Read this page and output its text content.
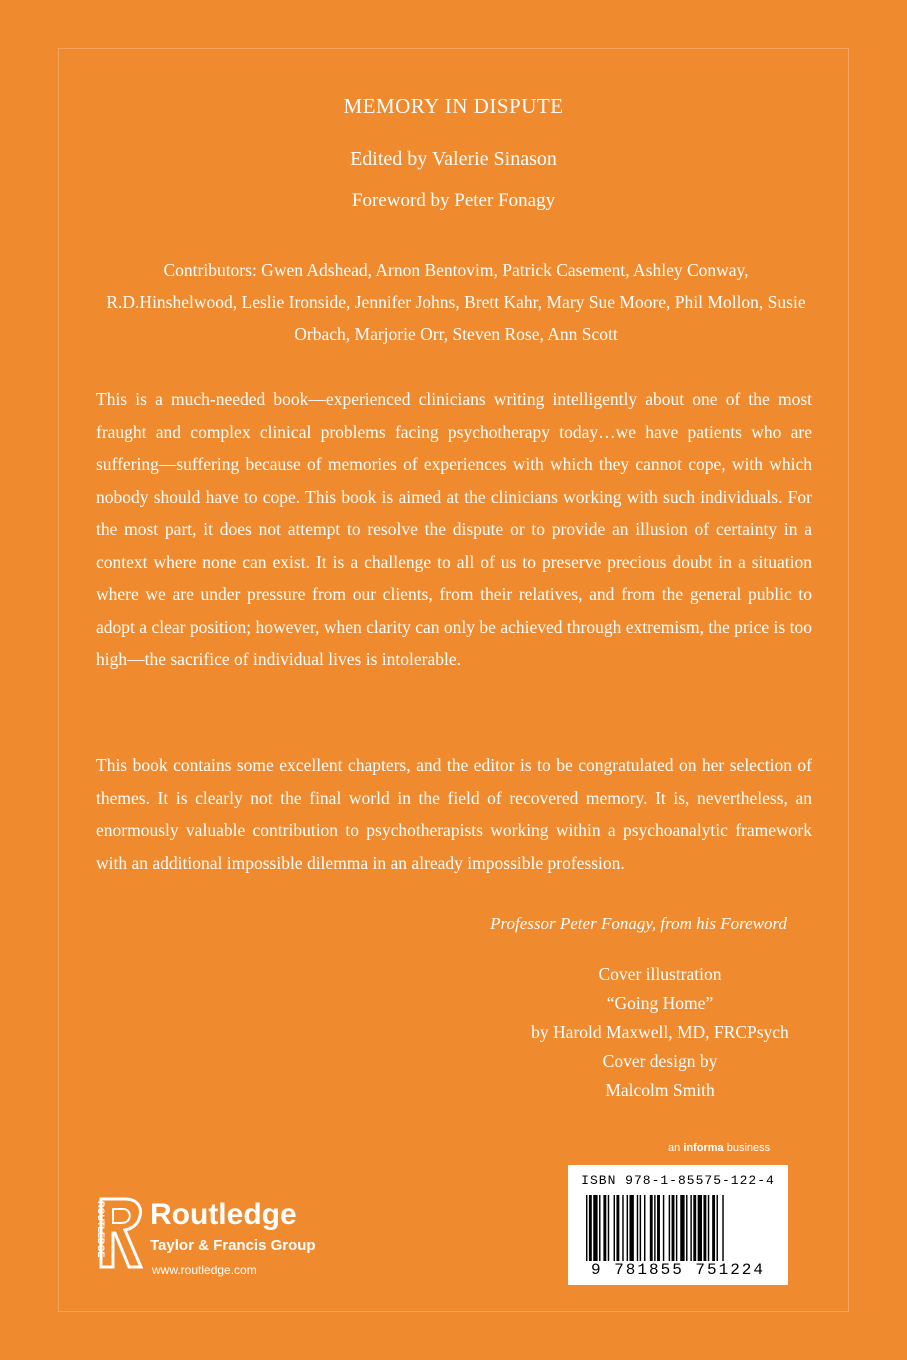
MEMORY IN DISPUTE
Edited by Valerie Sinason
Foreword by Peter Fonagy
Contributors: Gwen Adshead, Arnon Bentovim, Patrick Casement, Ashley Conway, R.D.Hinshelwood, Leslie Ironside, Jennifer Johns, Brett Kahr, Mary Sue Moore, Phil Mollon, Susie Orbach, Marjorie Orr, Steven Rose, Ann Scott

This is a much-needed book—experienced clinicians writing intelligently about one of the most fraught and complex clinical problems facing psychotherapy today…we have patients who are suffering—suffering because of memories of experiences with which they cannot cope, with which nobody should have to cope. This book is aimed at the clinicians working with such individuals. For the most part, it does not attempt to resolve the dispute or to provide an illusion of certainty in a context where none can exist. It is a challenge to all of us to preserve precious doubt in a situation where we are under pressure from our clients, from their relatives, and from the general public to adopt a clear position; however, when clarity can only be achieved through extremism, the price is too high—the sacrifice of individual lives is intolerable.

This book contains some excellent chapters, and the editor is to be congratulated on her selection of themes. It is clearly not the final world in the field of recovered memory. It is, nevertheless, an enormously valuable contribution to psychotherapists working within a psychoanalytic framework with an additional impossible dilemma in an already impossible profession.

Professor Peter Fonagy, from his Foreword
Cover illustration
“Going Home”
by Harold Maxwell, MD, FRCPsych
Cover design by
Malcolm Smith
an informa business
ISBN 978-1-85575-122-4
9 781855 751224
ROUTLEDGE Routledge
Taylor & Francis Group
www.routledge.com
